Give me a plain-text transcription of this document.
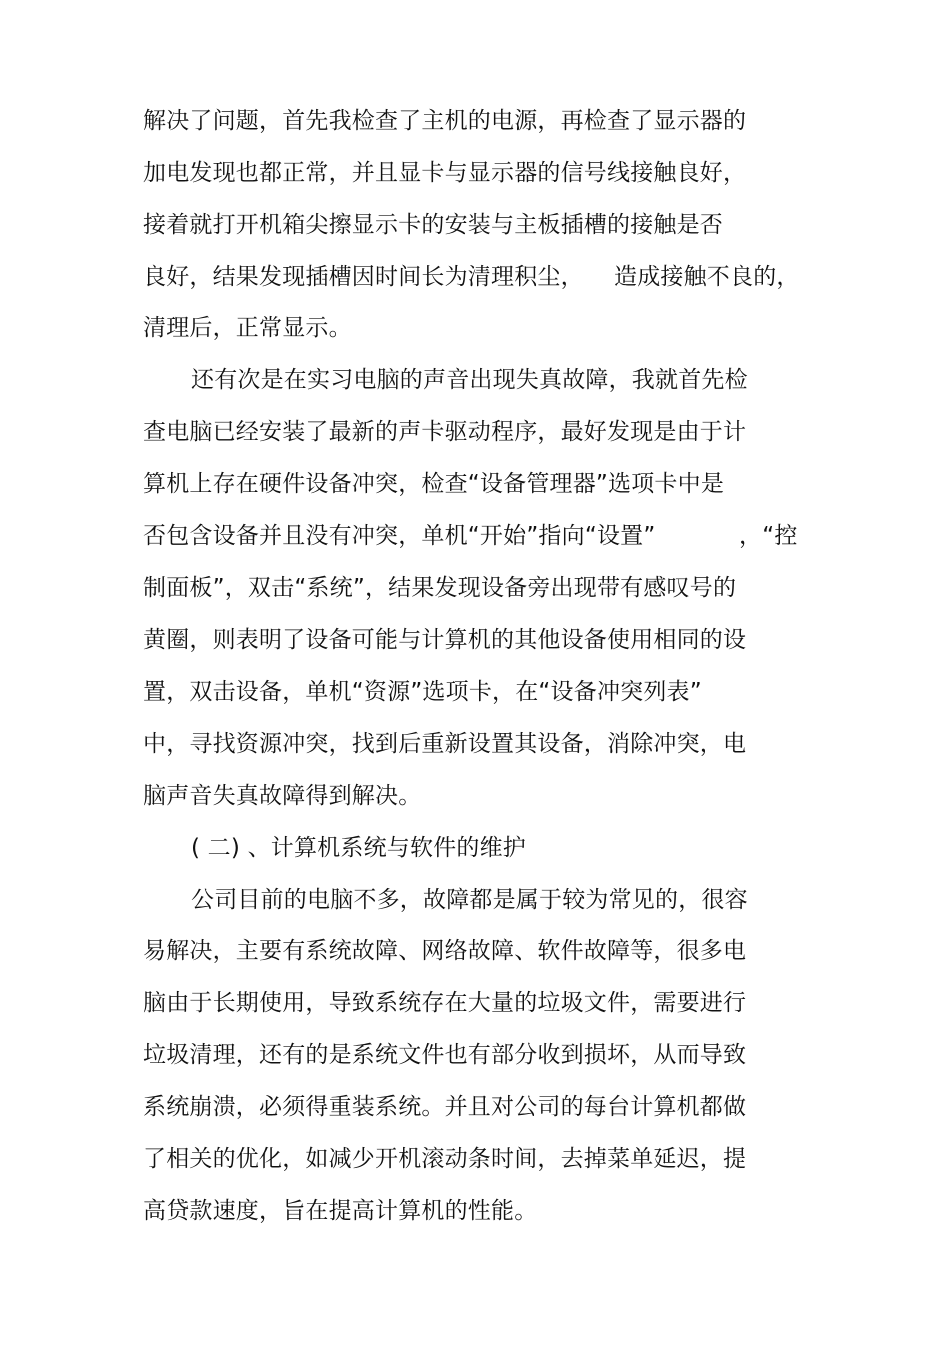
解决了问题，首先我检查了主机的电源，再检查了显示器的
加电发现也都正常，并且显卡与显示器的信号线接触良好，
接着就打开机箱尖擦显示卡的安装与主板插槽的接触是否
良好，结果发现插槽因时间长为清理积尘， 造成接触不良的，
清理后，正常显示。
还有次是在实习电脑的声音出现失真故障，我就首先检
查电脑已经安装了最新的声卡驱动程序，最好发现是由于计
算机上存在硬件设备冲突，检查“设备管理器”选项卡中是
否包含设备并且没有冲突，单机“开始”指向“设置”	，“控
制面板”，双击“系统”，结果发现设备旁出现带有感叹号的
黄圈，则表明了设备可能与计算机的其他设备使用相同的设
置，双击设备，单机“资源”选项卡，在“设备冲突列表”
中，寻找资源冲突，找到后重新设置其设备，消除冲突，电
脑声音失真故障得到解决。
( 二) 、计算机系统与软件的维护
公司目前的电脑不多，故障都是属于较为常见的，很容
易解决，主要有系统故障、网络故障、软件故障等，很多电
脑由于长期使用，导致系统存在大量的垃圾文件，需要进行
垃圾清理，还有的是系统文件也有部分收到损坏，从而导致
系统崩溃，必须得重装系统。并且对公司的每台计算机都做
了相关的优化，如减少开机滚动条时间，去掉菜单延迟，提
高贷款速度，旨在提高计算机的性能。
